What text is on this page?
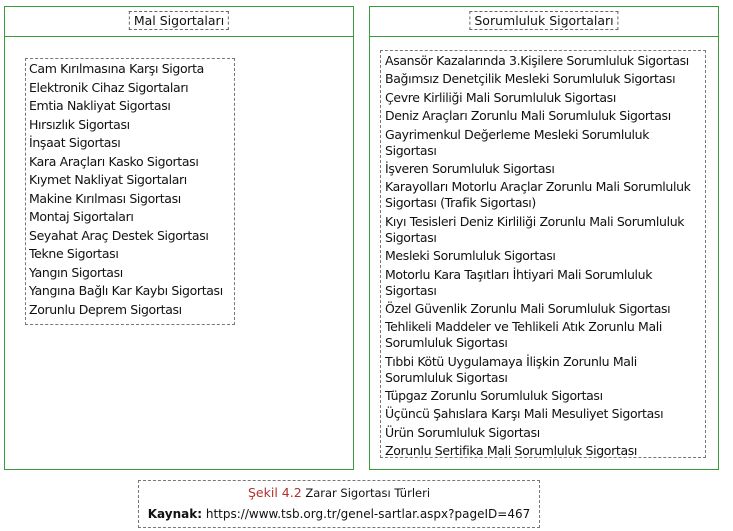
Mal Sigortaları
Cam Kırılmasına Karşı Sigorta
Elektronik Cihaz Sigortaları
Emtia Nakliyat Sigortası
Hırsızlık Sigortası
İnşaat Sigortası
Kara Araçları Kasko Sigortası
Kıymet Nakliyat Sigortaları
Makine Kırılması Sigortası
Montaj Sigortaları
Seyahat Araç Destek Sigortası
Tekne Sigortası
Yangın Sigortası
Yangına Bağlı Kar Kaybı Sigortası
Zorunlu Deprem Sigortası
Sorumluluk Sigortaları
Asansör Kazalarında 3.Kişilere Sorumluluk Sigortası
Bağımsız Denetçilik Mesleki Sorumluluk Sigortası
Çevre Kirliliği Mali Sorumluluk Sigortası
Deniz Araçları Zorunlu Mali Sorumluluk Sigortası
Gayrimenkul Değerleme Mesleki Sorumluluk Sigortası
İşveren Sorumluluk Sigortası
Karayolları Motorlu Araçlar Zorunlu Mali Sorumluluk Sigortası (Trafik Sigortası)
Kıyı Tesisleri Deniz Kirliliği Zorunlu Mali Sorumluluk Sigortası
Mesleki Sorumluluk Sigortası
Motorlu Kara Taşıtları İhtiyari Mali Sorumluluk Sigortası
Özel Güvenlik Zorunlu Mali Sorumluluk Sigortası
Tehlikeli Maddeler ve Tehlikeli Atık Zorunlu Mali Sorumluluk Sigortası
Tıbbi Kötü Uygulamaya İlişkin Zorunlu Mali Sorumluluk Sigortası
Tüpgaz Zorunlu Sorumluluk Sigortası
Üçüncü Şahıslara Karşı Mali Mesuliyet Sigortası
Ürün Sorumluluk Sigortası
Zorunlu Sertifika Mali Sorumluluk Sigortası
Şekil 4.2 Zarar Sigortası Türleri
Kaynak: https://www.tsb.org.tr/genel-sartlar.aspx?pageID=467
